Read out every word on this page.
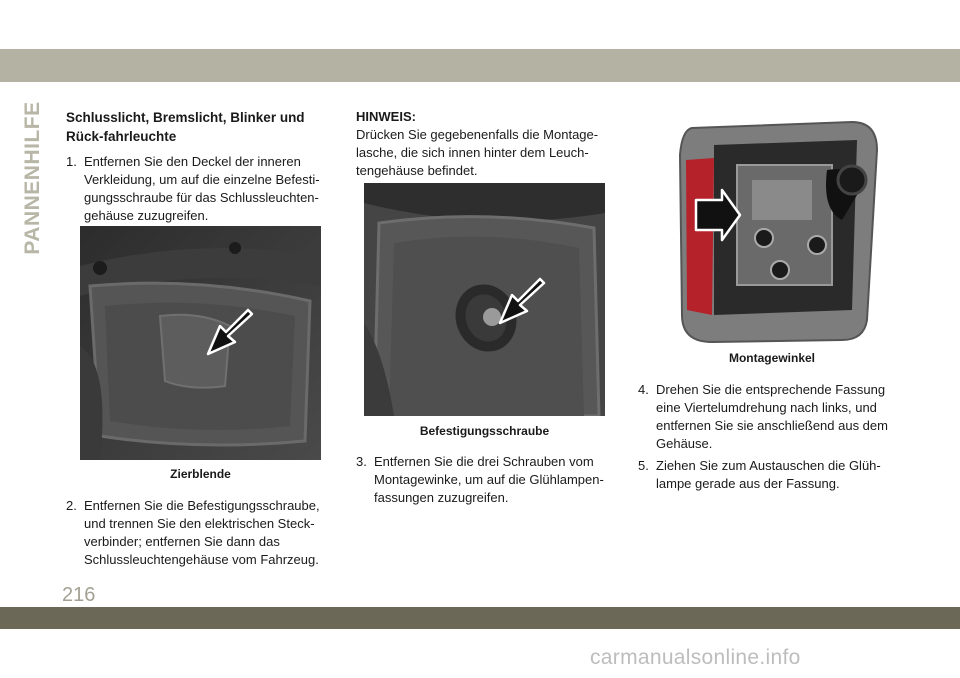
PANNENHILFE Schlusslicht, Bremslicht, Blinker und Rück-fahrleuchte
1. Entfernen Sie den Deckel der inneren Verkleidung, um auf die einzelne Befesti-gungsschraube für das Schlussleuchten-gehäuse zuzugreifen.
Zierblende
2. Entfernen Sie die Befestigungsschraube, und trennen Sie den elektrischen Steck-verbinder; entfernen Sie dann das Schlussleuchtengehäuse vom Fahrzeug.
HINWEIS:
Drücken Sie gegebenenfalls die Montage-lasche, die sich innen hinter dem Leuch-tengehäuse befindet.
Befestigungsschraube
3. Entfernen Sie die drei Schrauben vom Montagewinke, um auf die Glühlampen-fassungen zuzugreifen.
Montagewinkel
4. Drehen Sie die entsprechende Fassung eine Viertelumdrehung nach links, und entfernen Sie sie anschließend aus dem Gehäuse.
5. Ziehen Sie zum Austauschen die Glüh-lampe gerade aus der Fassung.
216
carmanualsonline.info
